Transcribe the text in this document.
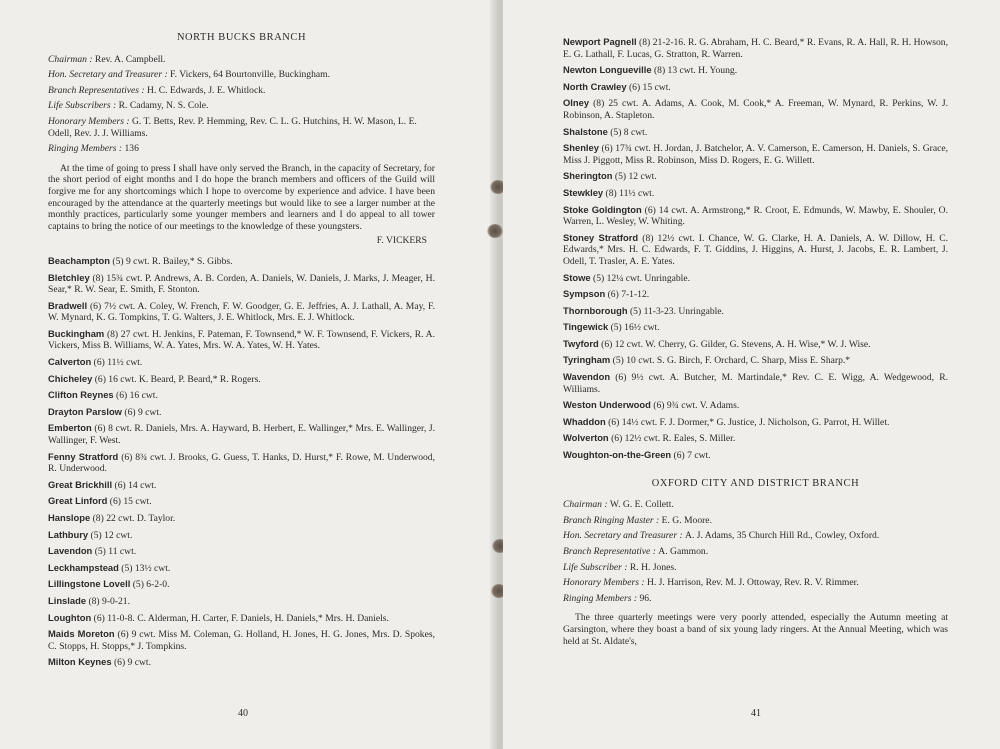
NORTH BUCKS BRANCH
Chairman : Rev. A. Campbell.
Hon. Secretary and Treasurer : F. Vickers, 64 Bourtonville, Buckingham.
Branch Representatives : H. C. Edwards, J. E. Whitlock.
Life Subscribers : R. Cadamy, N. S. Cole.
Honorary Members : G. T. Betts, Rev. P. Hemming, Rev. C. L. G. Hutchins, H. W. Mason, L. E. Odell, Rev. J. J. Williams.
Ringing Members : 136
At the time of going to press I shall have only served the Branch, in the capacity of Secretary, for the short period of eight months and I do hope the branch members and officers of the Guild will forgive me for any shortcomings which I hope to overcome by experience and advice. I have been encouraged by the attendance at the quarterly meetings but would like to see a larger number at the monthly practices, particularly some younger members and learners and I do appeal to all tower captains to bring the notice of our meetings to the knowledge of these youngsters.
F. VICKERS
Beachampton (5) 9 cwt. R. Bailey,* S. Gibbs.
Bletchley (8) 15¾ cwt. P. Andrews, A. B. Corden, A. Daniels, W. Daniels, J. Marks, J. Meager, H. Sear,* R. W. Sear, E. Smith, F. Stonton.
Bradwell (6) 7½ cwt. A. Coley, W. French, F. W. Goodger, G. E. Jeffries, A. J. Lathall, A. May, F. W. Mynard, K. G. Tompkins, T. G. Walters, J. E. Whitlock, Mrs. E. J. Whitlock.
Buckingham (8) 27 cwt. H. Jenkins, F. Pateman, F. Townsend,* W. F. Townsend, F. Vickers, R. A. Vickers, Miss B. Williams, W. A. Yates, Mrs. W. A. Yates, W. H. Yates.
Calverton (6) 11½ cwt.
Chicheley (6) 16 cwt. K. Beard, P. Beard,* R. Rogers.
Clifton Reynes (6) 16 cwt.
Drayton Parslow (6) 9 cwt.
Emberton (6) 8 cwt. R. Daniels, Mrs. A. Hayward, B. Herbert, E. Wallinger,* Mrs. E. Wallinger, J. Wallinger, F. West.
Fenny Stratford (6) 8¾ cwt. J. Brooks, G. Guess, T. Hanks, D. Hurst,* F. Rowe, M. Underwood, R. Underwood.
Great Brickhill (6) 14 cwt.
Great Linford (6) 15 cwt.
Hanslope (8) 22 cwt. D. Taylor.
Lathbury (5) 12 cwt.
Lavendon (5) 11 cwt.
Leckhampstead (5) 13½ cwt.
Lillingstone Lovell (5) 6-2-0.
Linslade (8) 9-0-21.
Loughton (6) 11-0-8. C. Alderman, H. Carter, F. Daniels, H. Daniels,* Mrs. H. Daniels.
Maids Moreton (6) 9 cwt. Miss M. Coleman, G. Holland, H. Jones, H. G. Jones, Mrs. D. Spokes, C. Stopps, H. Stopps,* J. Tompkins.
Milton Keynes (6) 9 cwt.
40
Newport Pagnell (8) 21-2-16. R. G. Abraham, H. C. Beard,* R. Evans, R. A. Hall, R. H. Howson, E. G. Lathall, F. Lucas, G. Stratton, R. Warren.
Newton Longueville (8) 13 cwt. H. Young.
North Crawley (6) 15 cwt.
Olney (8) 25 cwt. A. Adams, A. Cook, M. Cook,* A. Freeman, W. Mynard, R. Perkins, W. J. Robinson, A. Stapleton.
Shalstone (5) 8 cwt.
Shenley (6) 17¾ cwt. H. Jordan, J. Batchelor, A. V. Camerson, E. Camerson, H. Daniels, S. Grace, Miss J. Piggott, Miss R. Robinson, Miss D. Rogers, E. G. Willett.
Sherington (5) 12 cwt.
Stewkley (8) 11½ cwt.
Stoke Goldington (6) 14 cwt. A. Armstrong,* R. Croot, E. Edmunds, W. Mawby, E. Shouler, O. Warren, L. Wesley, W. Whiting.
Stoney Stratford (8) 12½ cwt. I. Chance, W. G. Clarke, H. A. Daniels, A. W. Dillow, H. C. Edwards,* Mrs. H. C. Edwards, F. T. Giddins, J. Higgins, A. Hurst, J. Jacobs, E. R. Lambert, J. Odell, T. Trasler, A. E. Yates.
Stowe (5) 12¼ cwt. Unringable.
Sympson (6) 7-1-12.
Thornborough (5) 11-3-23. Unringable.
Tingewick (5) 16½ cwt.
Twyford (6) 12 cwt. W. Cherry, G. Gilder, G. Stevens, A. H. Wise,* W. J. Wise.
Tyringham (5) 10 cwt. S. G. Birch, F. Orchard, C. Sharp, Miss E. Sharp.*
Wavendon (6) 9½ cwt. A. Butcher, M. Martindale,* Rev. C. E. Wigg, A. Wedgewood, R. Williams.
Weston Underwood (6) 9¾ cwt. V. Adams.
Whaddon (6) 14½ cwt. F. J. Dormer,* G. Justice, J. Nicholson, G. Parrot, H. Willet.
Wolverton (6) 12½ cwt. R. Eales, S. Miller.
Woughton-on-the-Green (6) 7 cwt.
OXFORD CITY AND DISTRICT BRANCH
Chairman : W. G. E. Collett.
Branch Ringing Master : E. G. Moore.
Hon. Secretary and Treasurer : A. J. Adams, 35 Church Hill Rd., Cowley, Oxford.
Branch Representative : A. Gammon.
Life Subscriber : R. H. Jones.
Honorary Members : H. J. Harrison, Rev. M. J. Ottoway, Rev. R. V. Rimmer.
Ringing Members : 96.
The three quarterly meetings were very poorly attended, especially the Autumn meeting at Garsington, where they boast a band of six young lady ringers. At the Annual Meeting, which was held at St. Aldate's,
41
